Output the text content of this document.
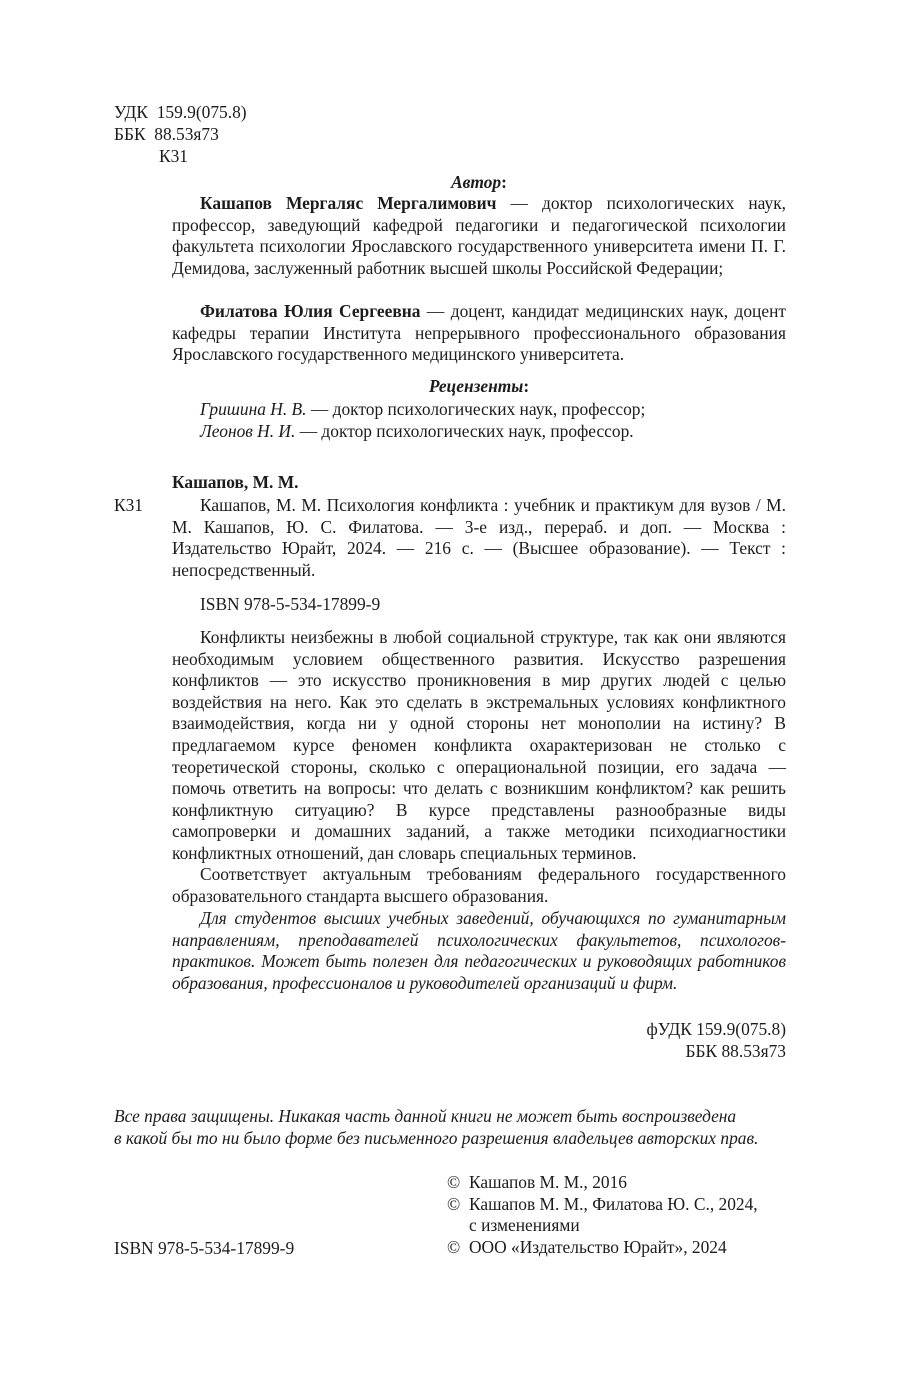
УДК 159.9(075.8)
ББК 88.53я73
К31
Автор:
Кашапов Мергаляс Мергалимович — доктор психологических наук, профессор, заведующий кафедрой педагогики и педагогической психологии факультета психологии Ярославского государственного университета имени П. Г. Демидова, заслуженный работник высшей школы Российской Федерации;
Филатова Юлия Сергеевна — доцент, кандидат медицинских наук, доцент кафедры терапии Института непрерывного профессионального образования Ярославского государственного медицинского университета.
Рецензенты:
Гришина Н. В. — доктор психологических наук, профессор;
Леонов Н. И. — доктор психологических наук, профессор.
Кашапов, М. М.
К31	Кашапов, М. М. Психология конфликта : учебник и практикум для вузов / М. М. Кашапов, Ю. С. Филатова. — 3-е изд., перераб. и доп. — Москва : Издательство Юрайт, 2024. — 216 с. — (Высшее образование). — Текст : непосредственный.
ISBN 978-5-534-17899-9
Конфликты неизбежны в любой социальной структуре, так как они являются необходимым условием общественного развития. Искусство разрешения конфликтов — это искусство проникновения в мир других людей с целью воздействия на него. Как это сделать в экстремальных условиях конфликтного взаимодействия, когда ни у одной стороны нет монополии на истину? В предлагаемом курсе феномен конфликта охарактеризован не столько с теоретической стороны, сколько с операциональной позиции, его задача — помочь ответить на вопросы: что делать с возникшим конфликтом? как решить конфликтную ситуацию? В курсе представлены разнообразные виды самопроверки и домашних заданий, а также методики психодиагностики конфликтных отношений, дан словарь специальных терминов.
Соответствует актуальным требованиям федерального государственного образовательного стандарта высшего образования.
Для студентов высших учебных заведений, обучающихся по гуманитарным направлениям, преподавателей психологических факультетов, психологов-практиков. Может быть полезен для педагогических и руководящих работников образования, профессионалов и руководителей организаций и фирм.
фУДК 159.9(075.8)
ББК 88.53я73
Все права защищены. Никакая часть данной книги не может быть воспроизведена
в какой бы то ни было форме без письменного разрешения владельцев авторских прав.
© Кашапов М. М., 2016
© Кашапов М. М., Филатова Ю. С., 2024,
с изменениями
© ООО «Издательство Юрайт», 2024
ISBN 978-5-534-17899-9
